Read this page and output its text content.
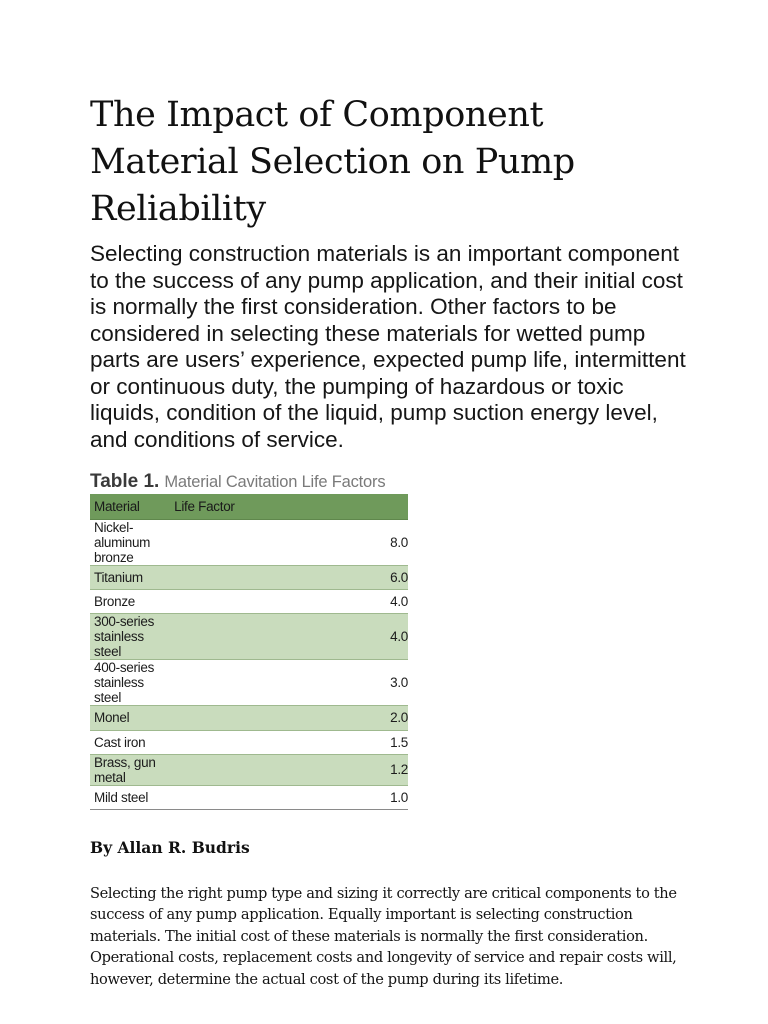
The Impact of Component Material Selection on Pump Reliability

Selecting construction materials is an important component to the success of any pump application, and their initial cost is normally the first consideration. Other factors to be considered in selecting these materials for wetted pump parts are users’ experience, expected pump life, intermittent or continuous duty, the pumping of hazardous or toxic liquids, condition of the liquid, pump suction energy level, and conditions of service.

Table 1. Material Cavitation Life Factors
Material	Life Factor
Nickel-aluminum bronze	8.0
Titanium	6.0
Bronze	4.0
300-series stainless steel	4.0
400-series stainless steel	3.0
Monel	2.0
Cast iron	1.5
Brass, gun metal	1.2
Mild steel	1.0
By Allan R. Budris
Selecting the right pump type and sizing it correctly are critical components to the success of any pump application. Equally important is selecting construction materials. The initial cost of these materials is normally the first consideration. Operational costs, replacement costs and longevity of service and repair costs will, however, determine the actual cost of the pump during its lifetime.
